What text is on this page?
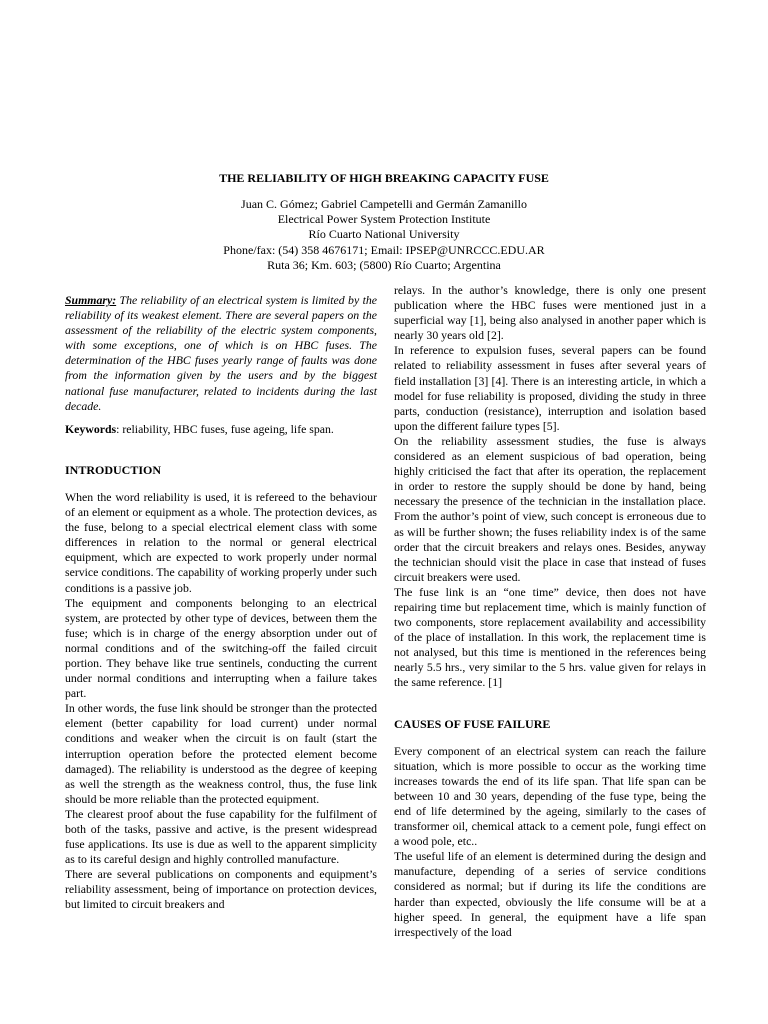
THE RELIABILITY OF HIGH BREAKING CAPACITY FUSE
Juan C. Gómez; Gabriel Campetelli and Germán Zamanillo
Electrical Power System Protection Institute
Río Cuarto National University
Phone/fax: (54) 358 4676171; Email: IPSEP@UNRCCC.EDU.AR
Ruta 36; Km. 603; (5800) Río Cuarto; Argentina

Summary: The reliability of an electrical system is limited by the reliability of its weakest element. There are several papers on the assessment of the reliability of the electric system components, with some exceptions, one of which is on HBC fuses. The determination of the HBC fuses yearly range of faults was done from the information given by the users and by the biggest national fuse manufacturer, related to incidents during the last decade.

Keywords: reliability, HBC fuses, fuse ageing, life span.

INTRODUCTION

When the word reliability is used, it is refereed to the behaviour of an element or equipment as a whole. The protection devices, as the fuse, belong to a special electrical element class with some differences in relation to the normal or general electrical equipment, which are expected to work properly under normal service conditions. The capability of working properly under such conditions is a passive job.

The equipment and components belonging to an electrical system, are protected by other type of devices, between them the fuse; which is in charge of the energy absorption under out of normal conditions and of the switching-off the failed circuit portion. They behave like true sentinels, conducting the current under normal conditions and interrupting when a failure takes part.

In other words, the fuse link should be stronger than the protected element (better capability for load current) under normal conditions and weaker when the circuit is on fault (start the interruption operation before the protected element become damaged). The reliability is understood as the degree of keeping as well the strength as the weakness control, thus, the fuse link should be more reliable than the protected equipment.

The clearest proof about the fuse capability for the fulfilment of both of the tasks, passive and active, is the present widespread fuse applications. Its use is due as well to the apparent simplicity as to its careful design and highly controlled manufacture.

There are several publications on components and equipment’s reliability assessment, being of importance on protection devices, but limited to circuit breakers and

relays. In the author’s knowledge, there is only one present publication where the HBC fuses were mentioned just in a superficial way [1], being also analysed in another paper which is nearly 30 years old [2].

In reference to expulsion fuses, several papers can be found related to reliability assessment in fuses after several years of field installation [3] [4]. There is an interesting article, in which a model for fuse reliability is proposed, dividing the study in three parts, conduction (resistance), interruption and isolation based upon the different failure types [5].

On the reliability assessment studies, the fuse is always considered as an element suspicious of bad operation, being highly criticised the fact that after its operation, the replacement in order to restore the supply should be done by hand, being necessary the presence of the technician in the installation place. From the author’s point of view, such concept is erroneous due to as will be further shown; the fuses reliability index is of the same order that the circuit breakers and relays ones. Besides, anyway the technician should visit the place in case that instead of fuses circuit breakers were used.

The fuse link is an “one time” device, then does not have repairing time but replacement time, which is mainly function of two components, store replacement availability and accessibility of the place of installation. In this work, the replacement time is not analysed, but this time is mentioned in the references being nearly 5.5 hrs., very similar to the 5 hrs. value given for relays in the same reference. [1]

CAUSES OF FUSE FAILURE

Every component of an electrical system can reach the failure situation, which is more possible to occur as the working time increases towards the end of its life span. That life span can be between 10 and 30 years, depending of the fuse type, being the end of life determined by the ageing, similarly to the cases of transformer oil, chemical attack to a cement pole, fungi effect on a wood pole, etc..

The useful life of an element is determined during the design and manufacture, depending of a series of service conditions considered as normal; but if during its life the conditions are harder than expected, obviously the life consume will be at a higher speed. In general, the equipment have a life span irrespectively of the load
